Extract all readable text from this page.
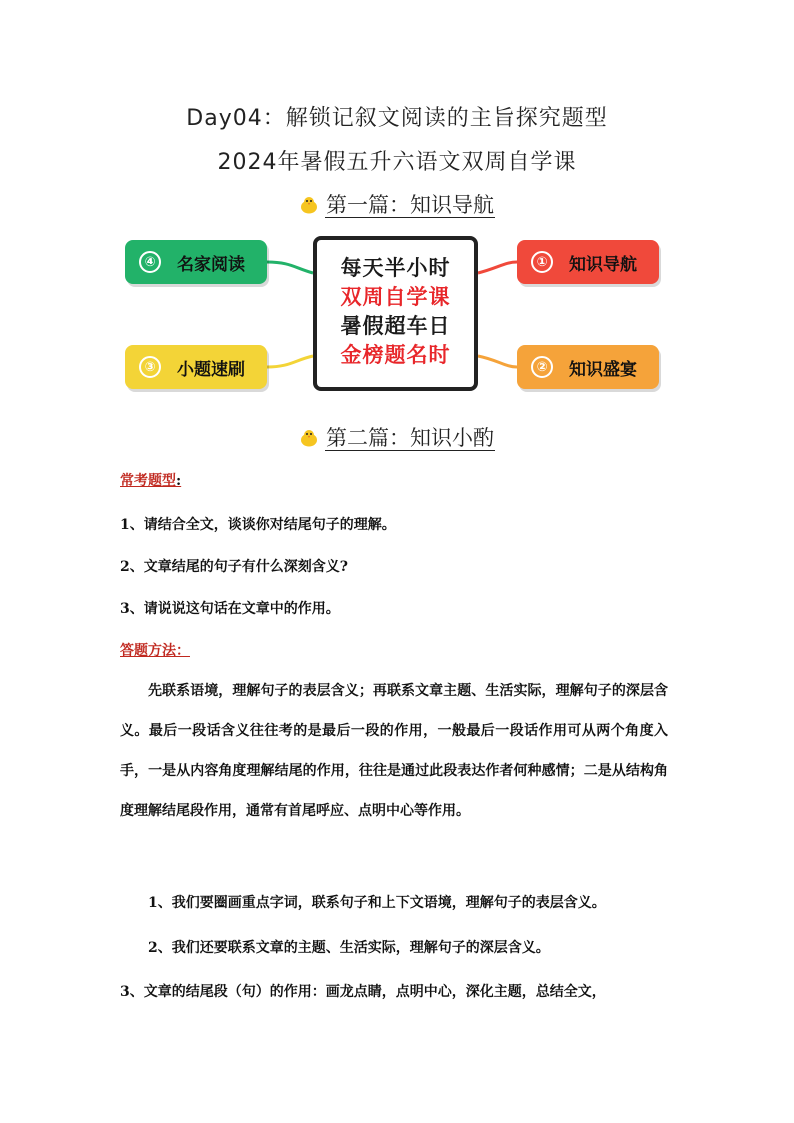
Day04：解锁记叙文阅读的主旨探究题型
2024年暑假五升六语文双周自学课
第一篇：知识导航
④	名家阅读
③	小题速刷
①	知识导航
②	知识盛宴
每天半小时
双周自学课
暑假超车日
金榜题名时
第二篇：知识小酌
常考题型:
1、请结合全文，谈谈你对结尾句子的理解。
2、文章结尾的句子有什么深刻含义?
3、请说说这句话在文章中的作用。
答题方法：
先联系语境，理解句子的表层含义；再联系文章主题、生活实际，理解句子的深层含义。最后一段话含义往往考的是最后一段的作用，一般最后一段话作用可从两个角度入手，一是从内容角度理解结尾的作用，往往是通过此段表达作者何种感情；二是从结构角度理解结尾段作用，通常有首尾呼应、点明中心等作用。
1、我们要圈画重点字词，联系句子和上下文语境，理解句子的表层含义。
2、我们还要联系文章的主题、生活实际，理解句子的深层含义。
3、文章的结尾段（句）的作用：画龙点睛，点明中心，深化主题，总结全文，
